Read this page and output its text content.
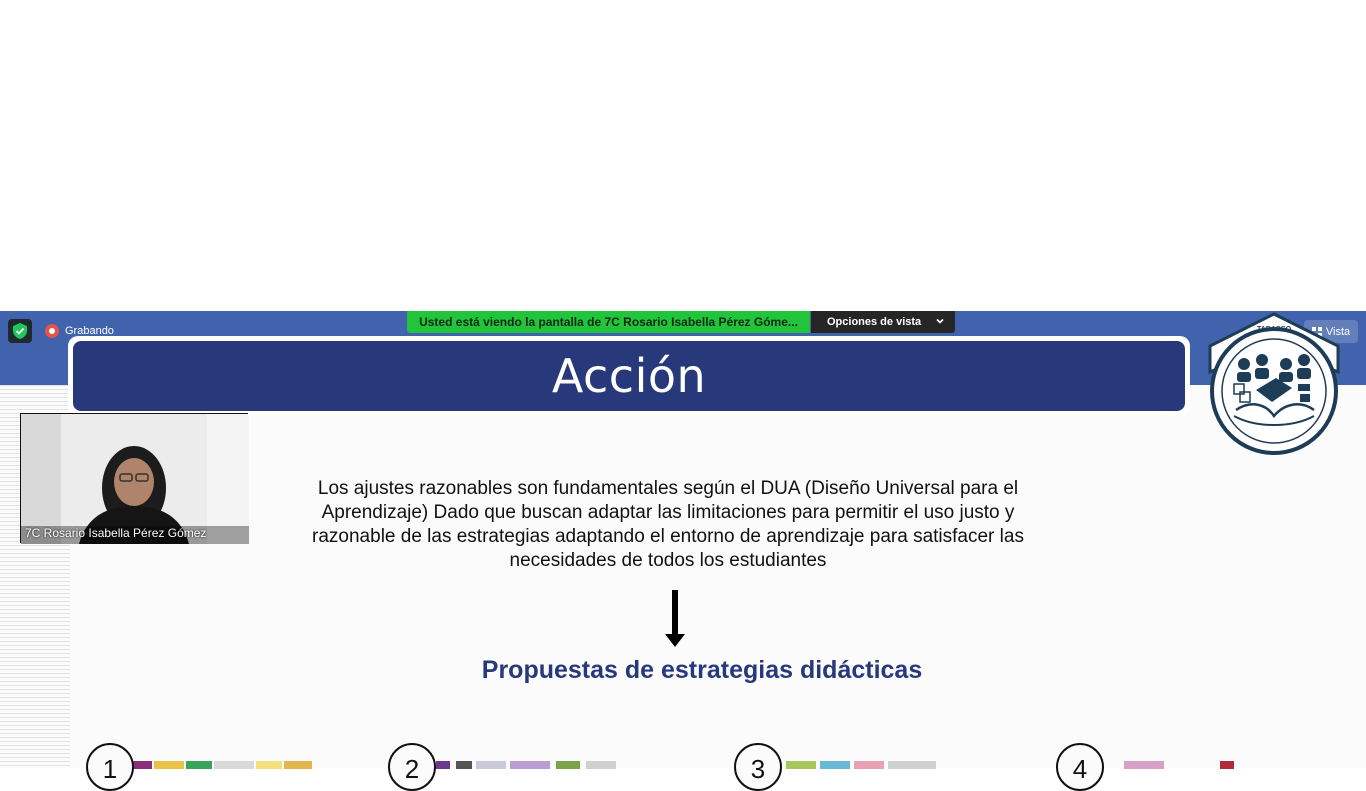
Acción
Grabando
Usted está viendo la pantalla de 7C Rosario Isabella Pérez Góme...	Opciones de vista
Vista
7C Rosario Isabella Pérez Gómez
Los ajustes razonables son fundamentales según el DUA (Diseño Universal para el Aprendizaje) Dado que buscan adaptar las limitaciones para permitir el uso justo y razonable de las estrategias adaptando el entorno de aprendizaje para satisfacer las necesidades de todos los estudiantes
Propuestas de estrategias didácticas
1	2	3	4
